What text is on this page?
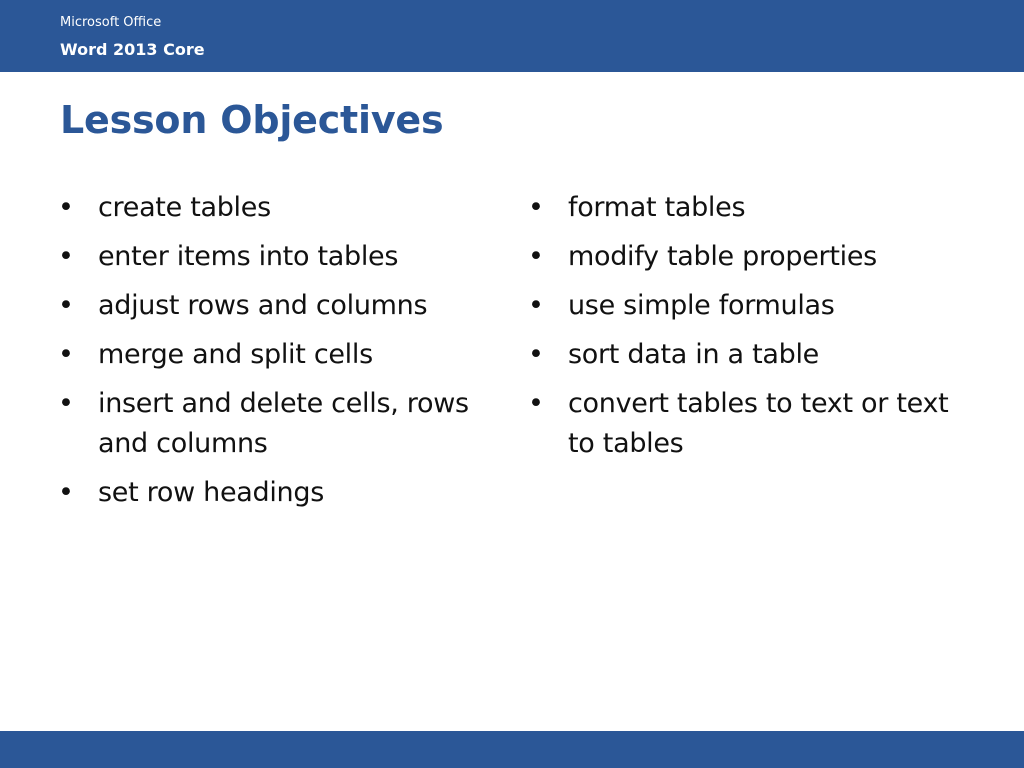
Microsoft Office
Word 2013 Core
Lesson Objectives
• create tables
• enter items into tables
• adjust rows and columns
• merge and split cells
• insert and delete cells, rows and columns
• set row headings
• format tables
• modify table properties
• use simple formulas
• sort data in a table
• convert tables to text or text to tables
